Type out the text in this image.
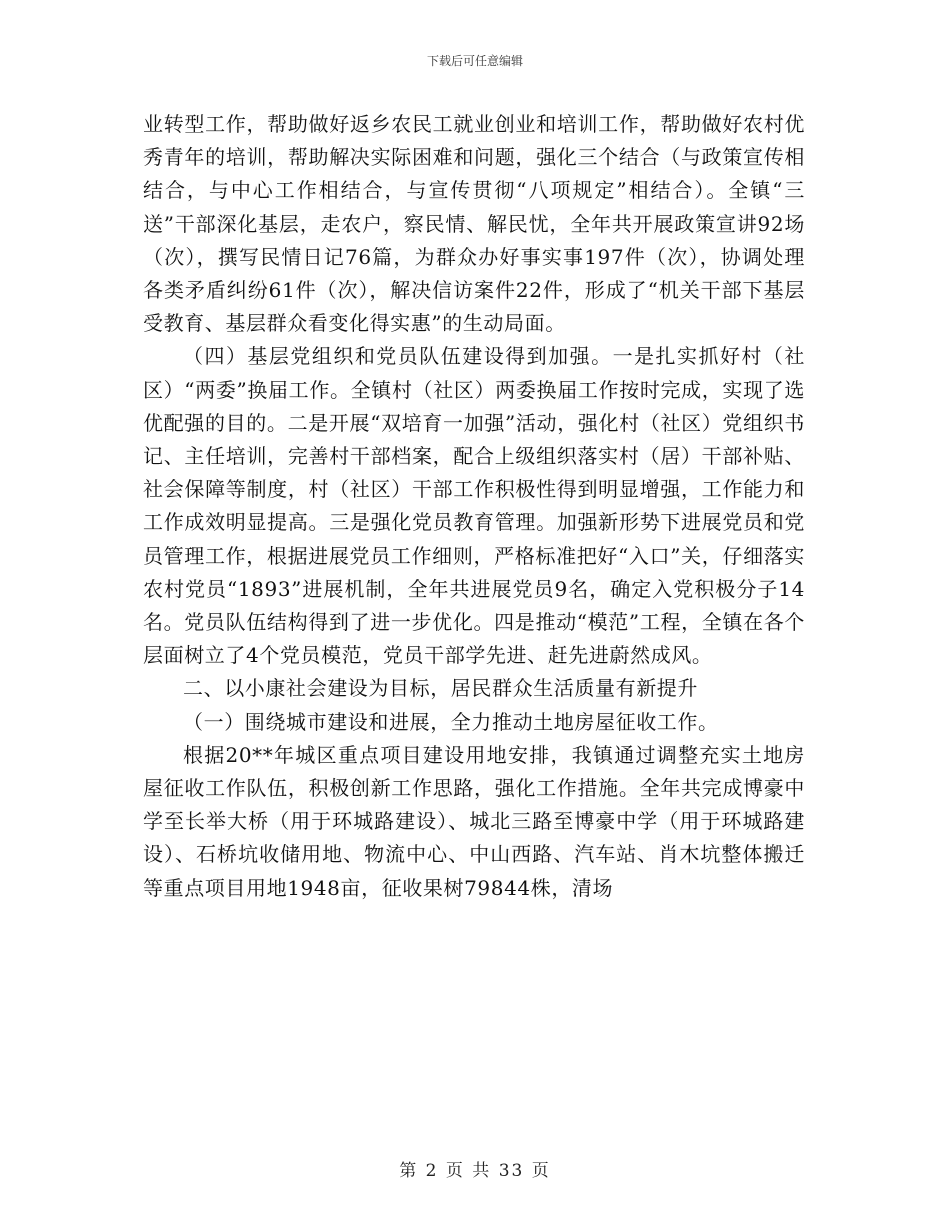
下载后可任意编辑

业转型工作，帮助做好返乡农民工就业创业和培训工作，帮助做好农村优秀青年的培训，帮助解决实际困难和问题，强化三个结合（与政策宣传相结合，与中心工作相结合，与宣传贯彻“八项规定”相结合）。全镇“三送”干部深化基层，走农户，察民情、解民忧，全年共开展政策宣讲92场（次），撰写民情日记76篇，为群众办好事实事197件（次），协调处理各类矛盾纠纷61件（次），解决信访案件22件，形成了“机关干部下基层受教育、基层群众看变化得实惠”的生动局面。

（四）基层党组织和党员队伍建设得到加强。一是扎实抓好村（社区）“两委”换届工作。全镇村（社区）两委换届工作按时完成，实现了选优配强的目的。二是开展“双培育一加强”活动，强化村（社区）党组织书记、主任培训，完善村干部档案，配合上级组织落实村（居）干部补贴、社会保障等制度，村（社区）干部工作积极性得到明显增强，工作能力和工作成效明显提高。三是强化党员教育管理。加强新形势下进展党员和党员管理工作，根据进展党员工作细则，严格标准把好“入口”关，仔细落实农村党员“1893”进展机制，全年共进展党员9名，确定入党积极分子14名。党员队伍结构得到了进一步优化。四是推动“模范”工程，全镇在各个层面树立了4个党员模范，党员干部学先进、赶先进蔚然成风。

二、以小康社会建设为目标，居民群众生活质量有新提升

（一）围绕城市建设和进展，全力推动土地房屋征收工作。

根据20**年城区重点项目建设用地安排，我镇通过调整充实土地房屋征收工作队伍，积极创新工作思路，强化工作措施。全年共完成博豪中学至长举大桥（用于环城路建设）、城北三路至博豪中学（用于环城路建设）、石桥坑收储用地、物流中心、中山西路、汽车站、肖木坑整体搬迁等重点项目用地1948亩，征收果树79844株，清场

第 2 页 共 33 页
